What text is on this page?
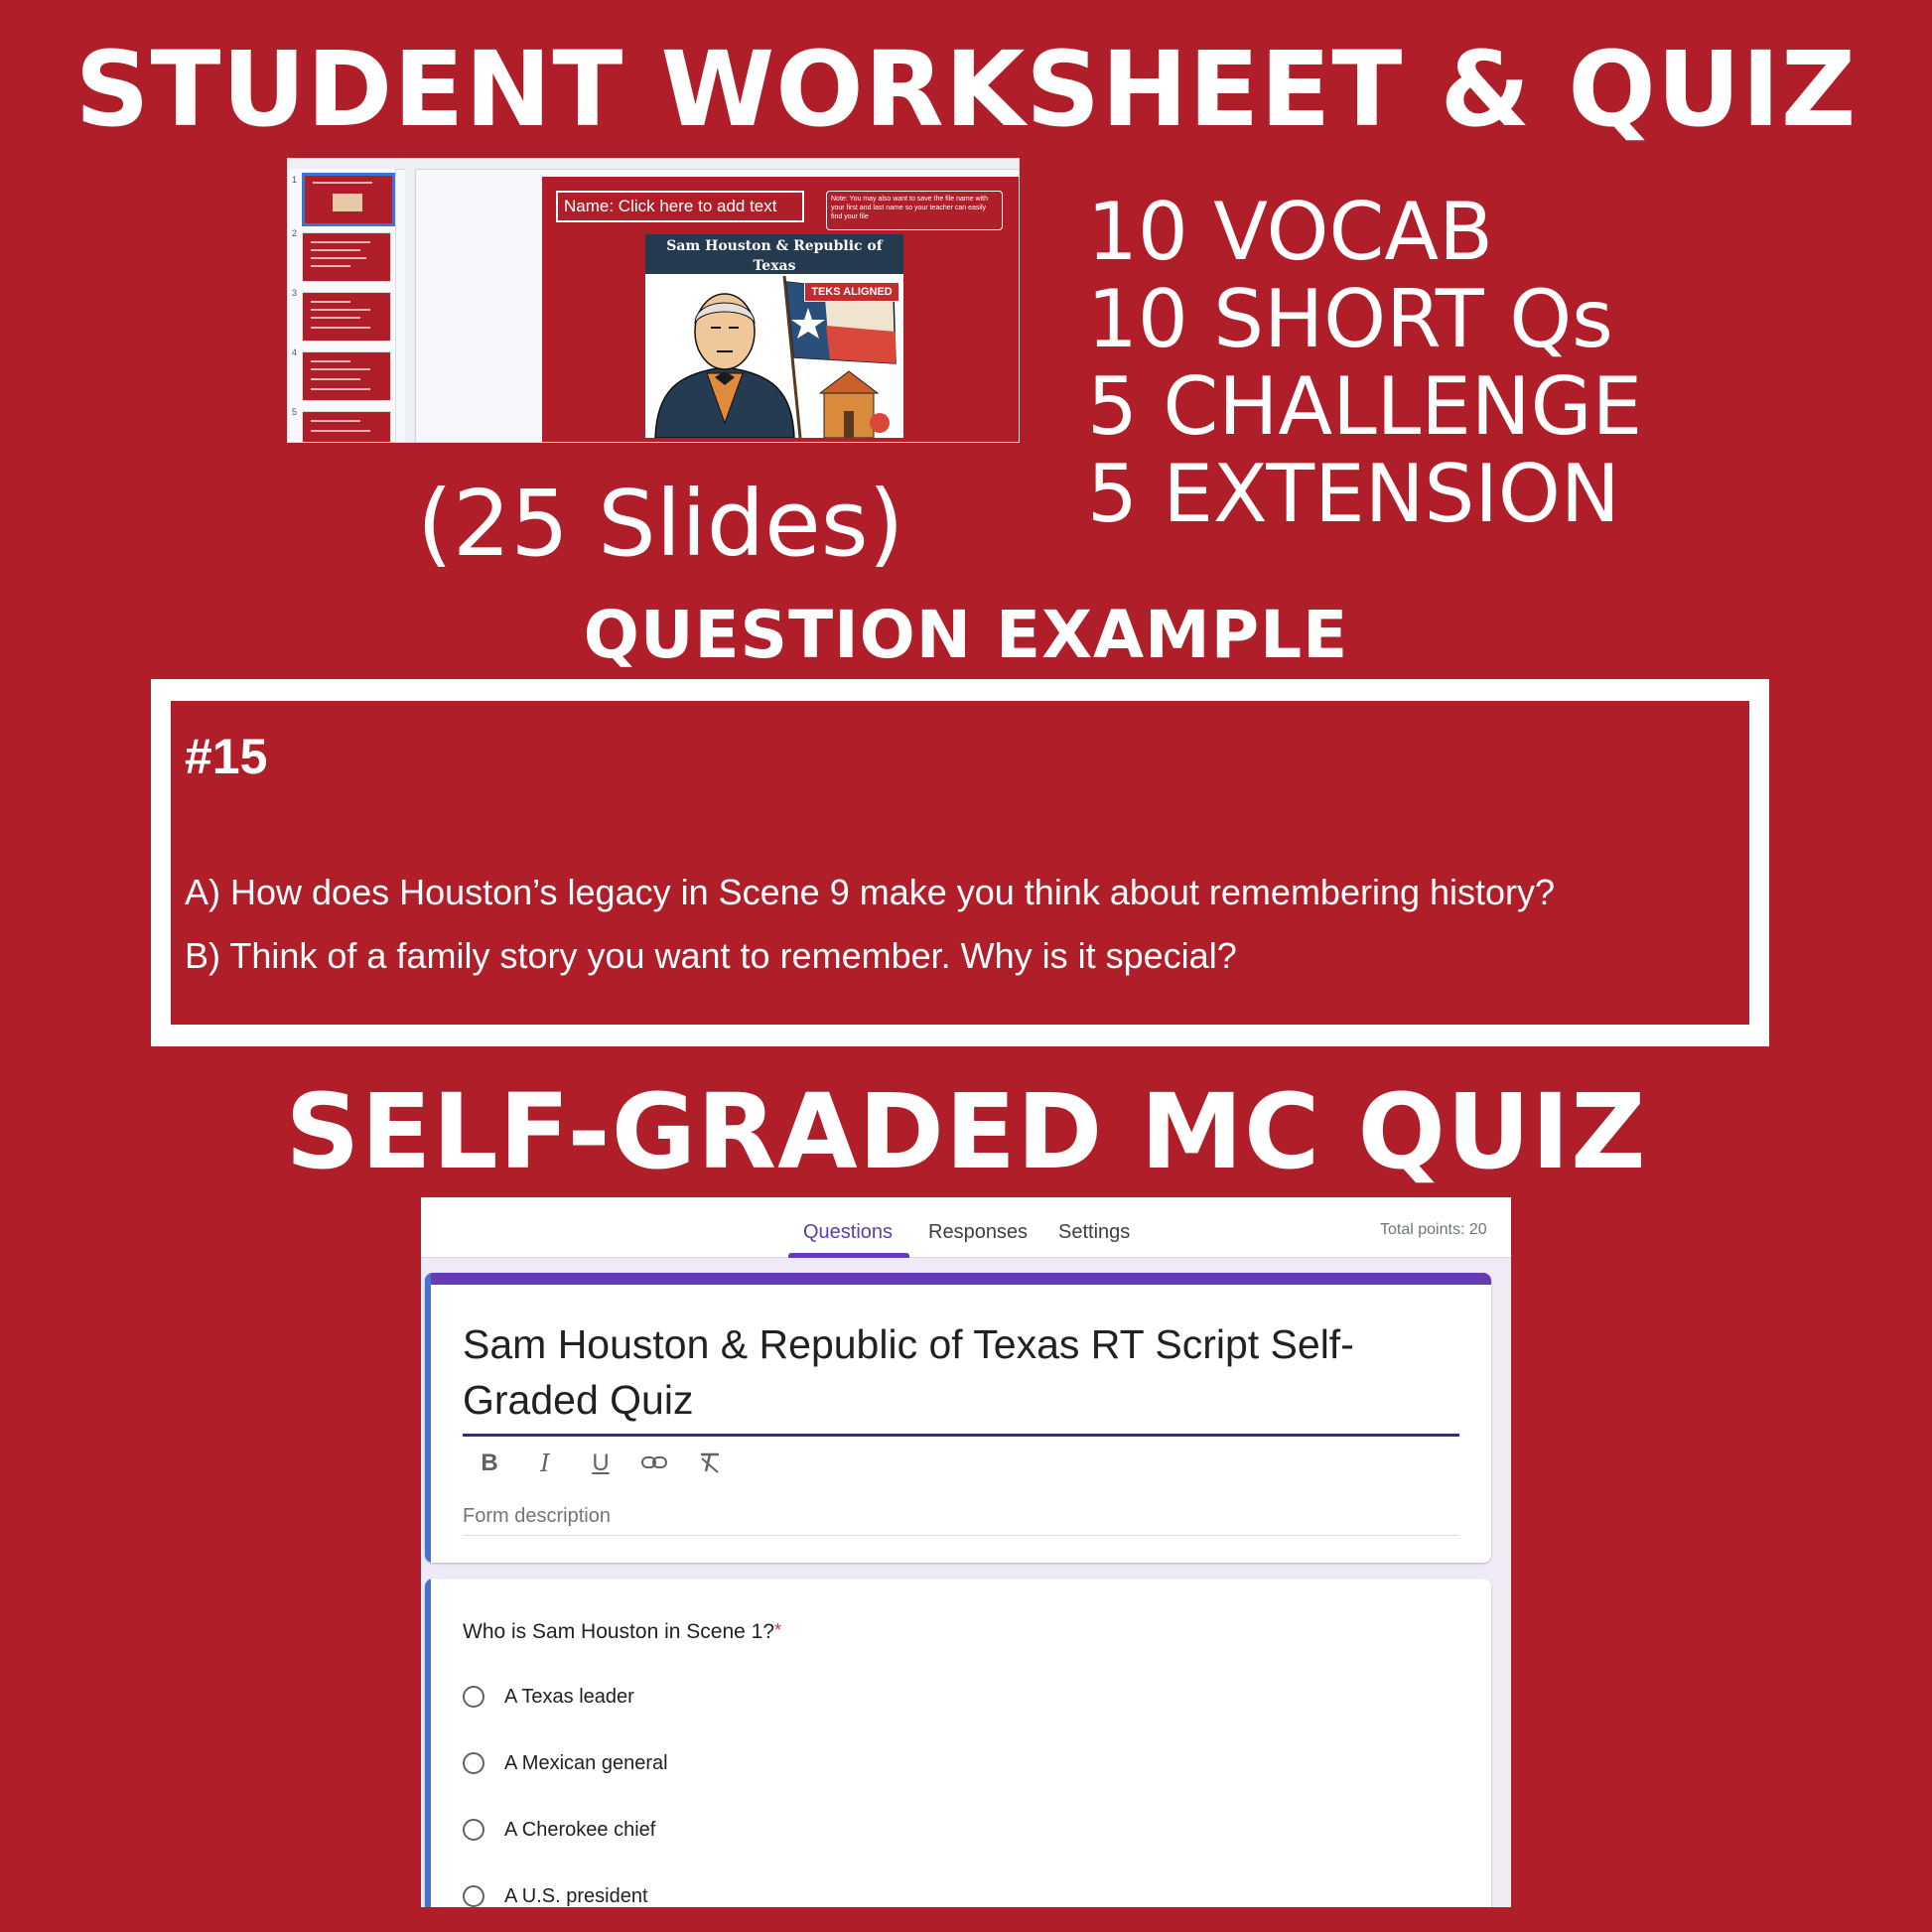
STUDENT WORKSHEET & QUIZ
1
2
3
4
5
Name: Click here to add text	Note: You may also want to save the file name with your first and last name so your teacher can easily find your file
Sam Houston & Republic of Texas
TEKS ALIGNED
(25 Slides)
10 VOCAB
10 SHORT Qs
5 CHALLENGE
5 EXTENSION
QUESTION EXAMPLE
#15
A) How does Houston’s legacy in Scene 9 make you think about remembering history?
B) Think of a family story you want to remember. Why is it special?
SELF-GRADED MC QUIZ
Questions Responses Settings	Total points: 20
Sam Houston & Republic of Texas RT Script Self-Graded Quiz
B	I	U
Form description
Who is Sam Houston in Scene 1?*
A Texas leader
A Mexican general
A Cherokee chief
A U.S. president
